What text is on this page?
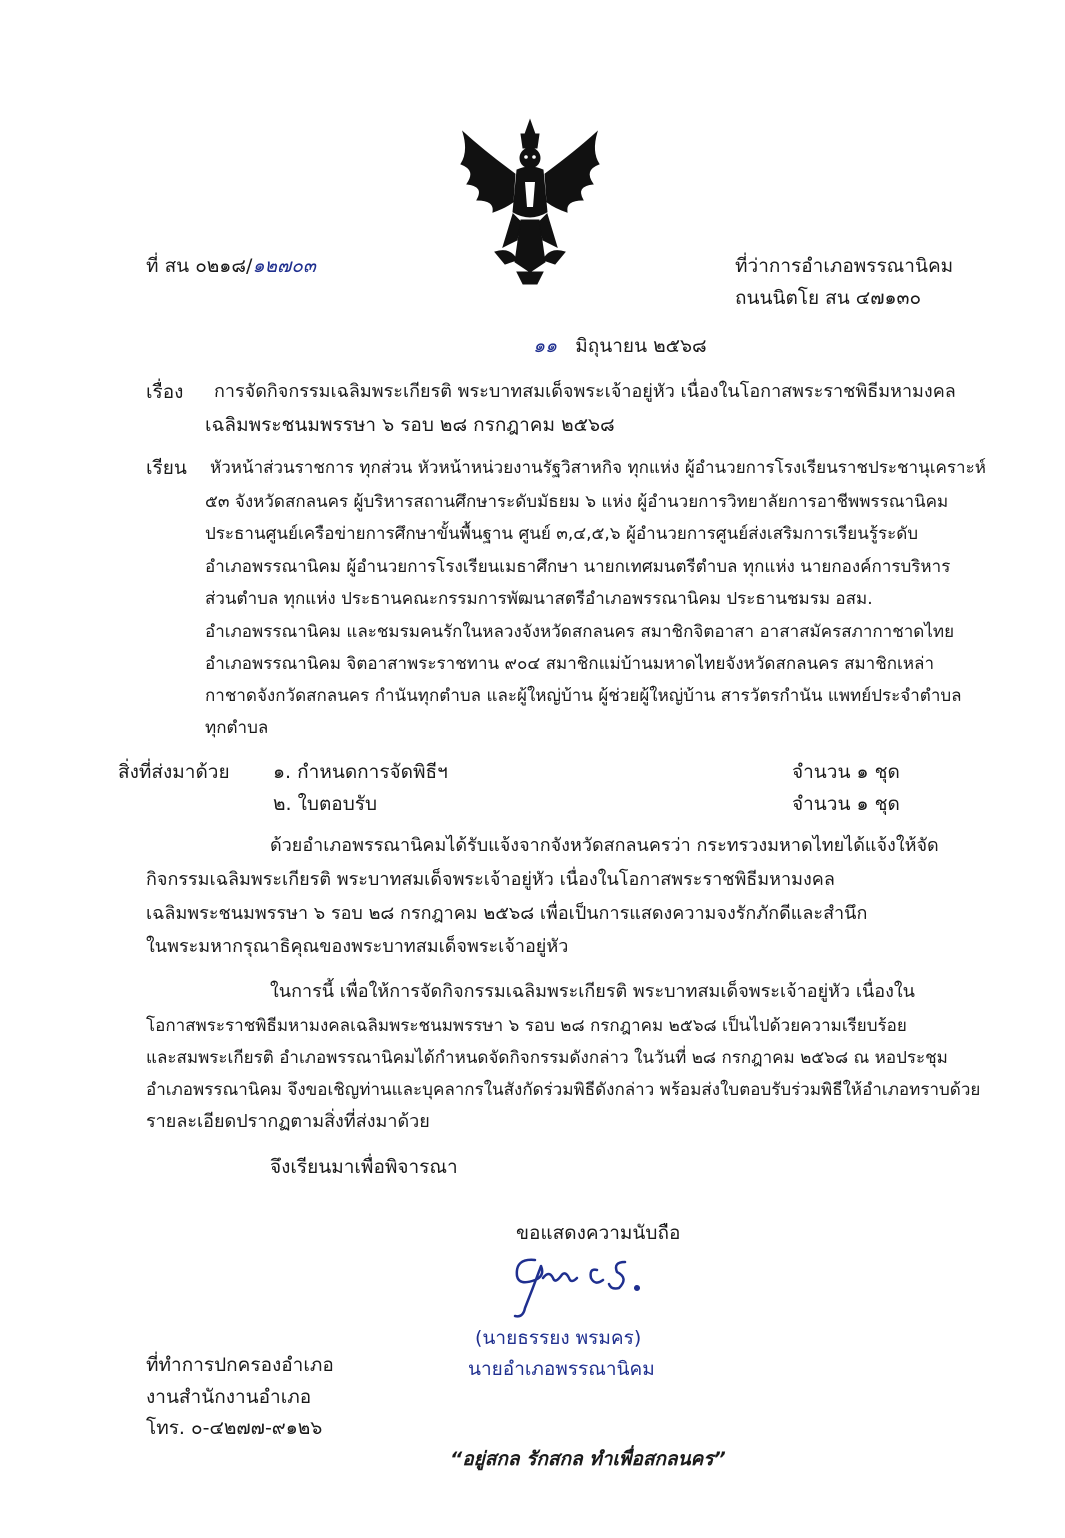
ที่ สน ๐๒๑๘/๑๒๗๐๓	ที่ว่าการอำเภอพรรณานิคม
ถนนนิตโย สน ๔๗๑๓๐
๑๑ มิถุนายน ๒๕๖๘
เรื่อง การจัดกิจกรรมเฉลิมพระเกียรติ พระบาทสมเด็จพระเจ้าอยู่หัว เนื่องในโอกาสพระราชพิธีมหามงคล
เฉลิมพระชนมพรรษา ๖ รอบ ๒๘ กรกฎาคม ๒๕๖๘
เรียน หัวหน้าส่วนราชการ ทุกส่วน หัวหน้าหน่วยงานรัฐวิสาหกิจ ทุกแห่ง ผู้อำนวยการโรงเรียนราชประชานุเคราะห์
๕๓ จังหวัดสกลนคร ผู้บริหารสถานศึกษาระดับมัธยม ๖ แห่ง ผู้อำนวยการวิทยาลัยการอาชีพพรรณานิคม
ประธานศูนย์เครือข่ายการศึกษาขั้นพื้นฐาน ศูนย์ ๓,๔,๕,๖ ผู้อำนวยการศูนย์ส่งเสริมการเรียนรู้ระดับ
อำเภอพรรณานิคม ผู้อำนวยการโรงเรียนเมธาศึกษา นายกเทศมนตรีตำบล ทุกแห่ง นายกองค์การบริหาร
ส่วนตำบล ทุกแห่ง ประธานคณะกรรมการพัฒนาสตรีอำเภอพรรณานิคม ประธานชมรม อสม.
อำเภอพรรณานิคม และชมรมคนรักในหลวงจังหวัดสกลนคร สมาชิกจิตอาสา อาสาสมัครสภากาชาดไทย
อำเภอพรรณานิคม จิตอาสาพระราชทาน ๙๐๔ สมาชิกแม่บ้านมหาดไทยจังหวัดสกลนคร สมาชิกเหล่า
กาชาดจังกวัดสกลนคร กำนันทุกตำบล และผู้ใหญ่บ้าน ผู้ช่วยผู้ใหญ่บ้าน สารวัตรกำนัน แพทย์ประจำตำบล
ทุกตำบล
สิ่งที่ส่งมาด้วย ๑. กำหนดการจัดพิธีฯ	จำนวน ๑ ชุด
๒. ใบตอบรับ	จำนวน ๑ ชุด
ด้วยอำเภอพรรณานิคมได้รับแจ้งจากจังหวัดสกลนครว่า กระทรวงมหาดไทยได้แจ้งให้จัด
กิจกรรมเฉลิมพระเกียรติ พระบาทสมเด็จพระเจ้าอยู่หัว เนื่องในโอกาสพระราชพิธีมหามงคล
เฉลิมพระชนมพรรษา ๖ รอบ ๒๘ กรกฎาคม ๒๕๖๘ เพื่อเป็นการแสดงความจงรักภักดีและสำนึก
ในพระมหากรุณาธิคุณของพระบาทสมเด็จพระเจ้าอยู่หัว
ในการนี้ เพื่อให้การจัดกิจกรรมเฉลิมพระเกียรติ พระบาทสมเด็จพระเจ้าอยู่หัว เนื่องใน
โอกาสพระราชพิธีมหามงคลเฉลิมพระชนมพรรษา ๖ รอบ ๒๘ กรกฎาคม ๒๕๖๘ เป็นไปด้วยความเรียบร้อย
และสมพระเกียรติ อำเภอพรรณานิคมได้กำหนดจัดกิจกรรมดังกล่าว ในวันที่ ๒๘ กรกฎาคม ๒๕๖๘ ณ หอประชุม
อำเภอพรรณานิคม จึงขอเชิญท่านและบุคลากรในสังกัดร่วมพิธีดังกล่าว พร้อมส่งใบตอบรับร่วมพิธีให้อำเภอทราบด้วย
รายละเอียดปรากฏตามสิ่งที่ส่งมาด้วย
จึงเรียนมาเพื่อพิจารณา
ขอแสดงความนับถือ
(นายธรรยง พรมคร)
นายอำเภอพรรณานิคม
ที่ทำการปกครองอำเภอ
งานสำนักงานอำเภอ
โทร. ๐-๔๒๗๗-๙๑๒๖
“อยู่สกล รักสกล ทำเพื่อสกลนคร”
